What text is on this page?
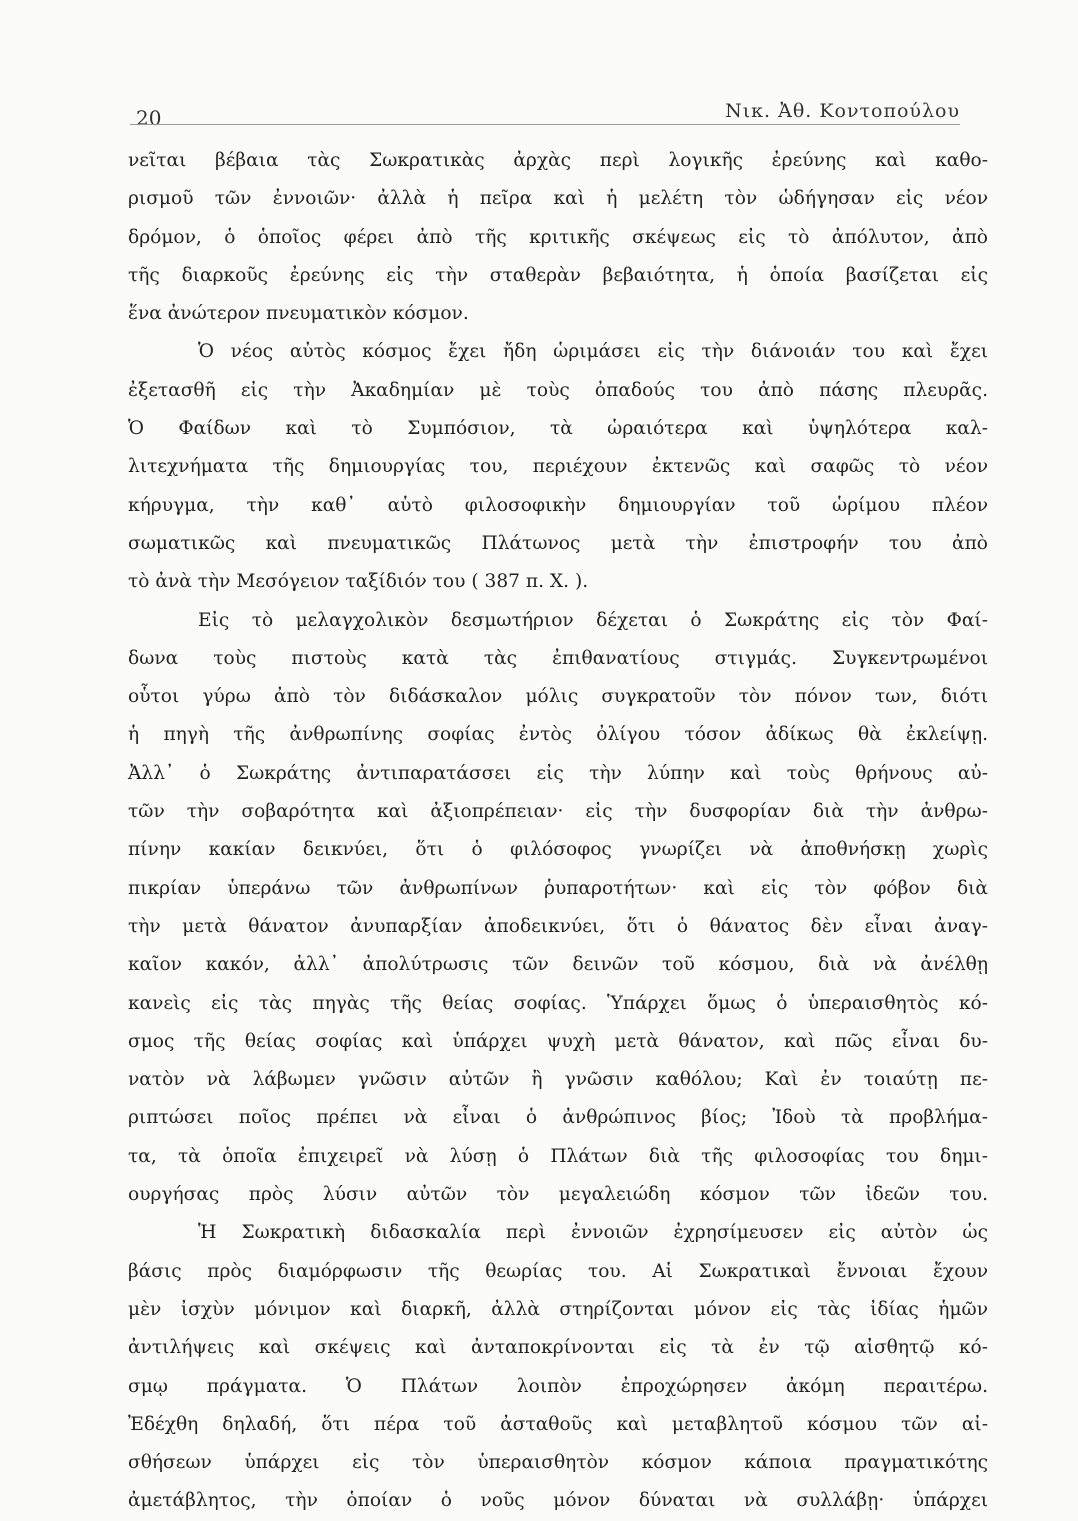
20	Νικ. Ἀθ. Κοντοπούλου
νεῖται βέβαια τὰς Σωκρατικὰς ἀρχὰς περὶ λογικῆς ἐρεύνης καὶ καθο-
ρισμοῦ τῶν ἐννοιῶν· ἀλλὰ ἡ πεῖρα καὶ ἡ μελέτη τὸν ὡδήγησαν εἰς νέον
δρόμον, ὁ ὁποῖος φέρει ἀπὸ τῆς κριτικῆς σκέψεως εἰς τὸ ἀπόλυτον, ἀπὸ
τῆς διαρκοῦς ἐρεύνης εἰς τὴν σταθερὰν βεβαιότητα, ἡ ὁποία βασίζεται εἰς
ἕνα ἀνώτερον πνευματικὸν κόσμον.
Ὁ νέος αὐτὸς κόσμος ἔχει ἤδη ὡριμάσει εἰς τὴν διάνοιάν του καὶ ἔχει
ἐξετασθῆ εἰς τὴν Ἀκαδημίαν μὲ τοὺς ὀπαδούς του ἀπὸ πάσης πλευρᾶς.
Ὁ Φαίδων καὶ τὸ Συμπόσιον, τὰ ὡραιότερα καὶ ὑψηλότερα καλ-
λιτεχνήματα τῆς δημιουργίας του, περιέχουν ἐκτενῶς καὶ σαφῶς τὸ νέον
κήρυγμα, τὴν καθ᾽ αὑτὸ φιλοσοφικὴν δημιουργίαν τοῦ ὡρίμου πλέον
σωματικῶς καὶ πνευματικῶς Πλάτωνος μετὰ τὴν ἐπιστροφήν του ἀπὸ
τὸ ἀνὰ τὴν Μεσόγειον ταξίδιόν του ( 387 π. Χ. ).
Εἰς τὸ μελαγχολικὸν δεσμωτήριον δέχεται ὁ Σωκράτης εἰς τὸν Φαί-
δωνα τοὺς πιστοὺς κατὰ τὰς ἐπιθανατίους στιγμάς. Συγκεντρωμένοι
οὗτοι γύρω ἀπὸ τὸν διδάσκαλον μόλις συγκρατοῦν τὸν πόνον των, διότι
ἡ πηγὴ τῆς ἀνθρωπίνης σοφίας ἐντὸς ὀλίγου τόσον ἀδίκως θὰ ἐκλείψῃ.
Ἀλλ᾽ ὁ Σωκράτης ἀντιπαρατάσσει εἰς τὴν λύπην καὶ τοὺς θρήνους αὐ-
τῶν τὴν σοβαρότητα καὶ ἀξιοπρέπειαν· εἰς τὴν δυσφορίαν διὰ τὴν ἀνθρω-
πίνην κακίαν δεικνύει, ὅτι ὁ φιλόσοφος γνωρίζει νὰ ἀποθνήσκῃ χωρὶς
πικρίαν ὑπεράνω τῶν ἀνθρωπίνων ῥυπαροτήτων· καὶ εἰς τὸν φόβον διὰ
τὴν μετὰ θάνατον ἀνυπαρξίαν ἀποδεικνύει, ὅτι ὁ θάνατος δὲν εἶναι ἀναγ-
καῖον κακόν, ἀλλ᾽ ἀπολύτρωσις τῶν δεινῶν τοῦ κόσμου, διὰ νὰ ἀνέλθῃ
κανεὶς εἰς τὰς πηγὰς τῆς θείας σοφίας. Ὑπάρχει ὅμως ὁ ὑπεραισθητὸς κό-
σμος τῆς θείας σοφίας καὶ ὑπάρχει ψυχὴ μετὰ θάνατον, καὶ πῶς εἶναι δυ-
νατὸν νὰ λάβωμεν γνῶσιν αὐτῶν ἢ γνῶσιν καθόλου; Καὶ ἐν τοιαύτῃ πε-
ριπτώσει ποῖος πρέπει νὰ εἶναι ὁ ἀνθρώπινος βίος; Ἰδοὺ τὰ προβλήμα-
τα, τὰ ὁποῖα ἐπιχειρεῖ νὰ λύσῃ ὁ Πλάτων διὰ τῆς φιλοσοφίας του δημι-
ουργήσας πρὸς λύσιν αὐτῶν τὸν μεγαλειώδη κόσμον τῶν ἰδεῶν του.
Ἡ Σωκρατικὴ διδασκαλία περὶ ἐννοιῶν ἐχρησίμευσεν εἰς αὐτὸν ὡς
βάσις πρὸς διαμόρφωσιν τῆς θεωρίας του. Αἱ Σωκρατικαὶ ἔννοιαι ἔχουν
μὲν ἰσχὺν μόνιμον καὶ διαρκῆ, ἀλλὰ στηρίζονται μόνον εἰς τὰς ἰδίας ἡμῶν
ἀντιλήψεις καὶ σκέψεις καὶ ἀνταποκρίνονται εἰς τὰ ἐν τῷ αἰσθητῷ κό-
σμῳ πράγματα. Ὁ Πλάτων λοιπὸν ἐπροχώρησεν ἀκόμη περαιτέρω.
Ἐδέχθη δηλαδή, ὅτι πέρα τοῦ ἀσταθοῦς καὶ μεταβλητοῦ κόσμου τῶν αἰ-
σθήσεων ὑπάρχει εἰς τὸν ὑπεραισθητὸν κόσμον κάποια πραγματικότης
ἀμετάβλητος, τὴν ὁποίαν ὁ νοῦς μόνον δύναται νὰ συλλάβῃ· ὑπάρχει
